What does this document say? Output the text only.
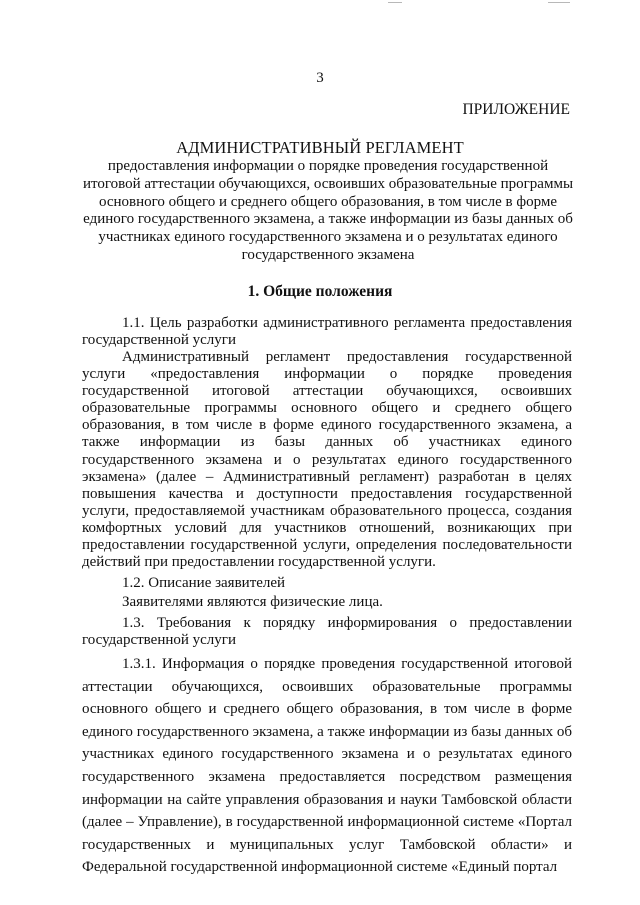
3
ПРИЛОЖЕНИЕ
АДМИНИСТРАТИВНЫЙ РЕГЛАМЕНТ
предоставления информации о порядке проведения государственной итоговой аттестации обучающихся, освоивших образовательные программы основного общего и среднего общего образования, в том числе в форме единого государственного экзамена, а также информации из базы данных об участниках единого государственного экзамена и о результатах единого государственного экзамена
1. Общие положения

1.1. Цель разработки административного регламента предоставления государственной услуги

Административный регламент предоставления государственной услуги «предоставления информации о порядке проведения государственной итоговой аттестации обучающихся, освоивших образовательные программы основного общего и среднего общего образования, в том числе в форме единого государственного экзамена, а также информации из базы данных об участниках единого государственного экзамена и о результатах единого государственного экзамена» (далее – Административный регламент) разработан в целях повышения качества и доступности предоставления государственной услуги, предоставляемой участникам образовательного процесса, создания комфортных условий для участников отношений, возникающих при предоставлении государственной услуги, определения последовательности действий при предоставлении государственной услуги.

1.2. Описание заявителей

Заявителями являются физические лица.

1.3. Требования к порядку информирования о предоставлении государственной услуги

1.3.1. Информация о порядке проведения государственной итоговой аттестации обучающихся, освоивших образовательные программы основного общего и среднего общего образования, в том числе в форме единого государственного экзамена, а также информации из базы данных об участниках единого государственного экзамена и о результатах единого государственного экзамена предоставляется посредством размещения информации на сайте управления образования и науки Тамбовской области (далее – Управление), в государственной информационной системе «Портал государственных и муниципальных услуг Тамбовской области» и Федеральной государственной информационной системе «Единый портал
